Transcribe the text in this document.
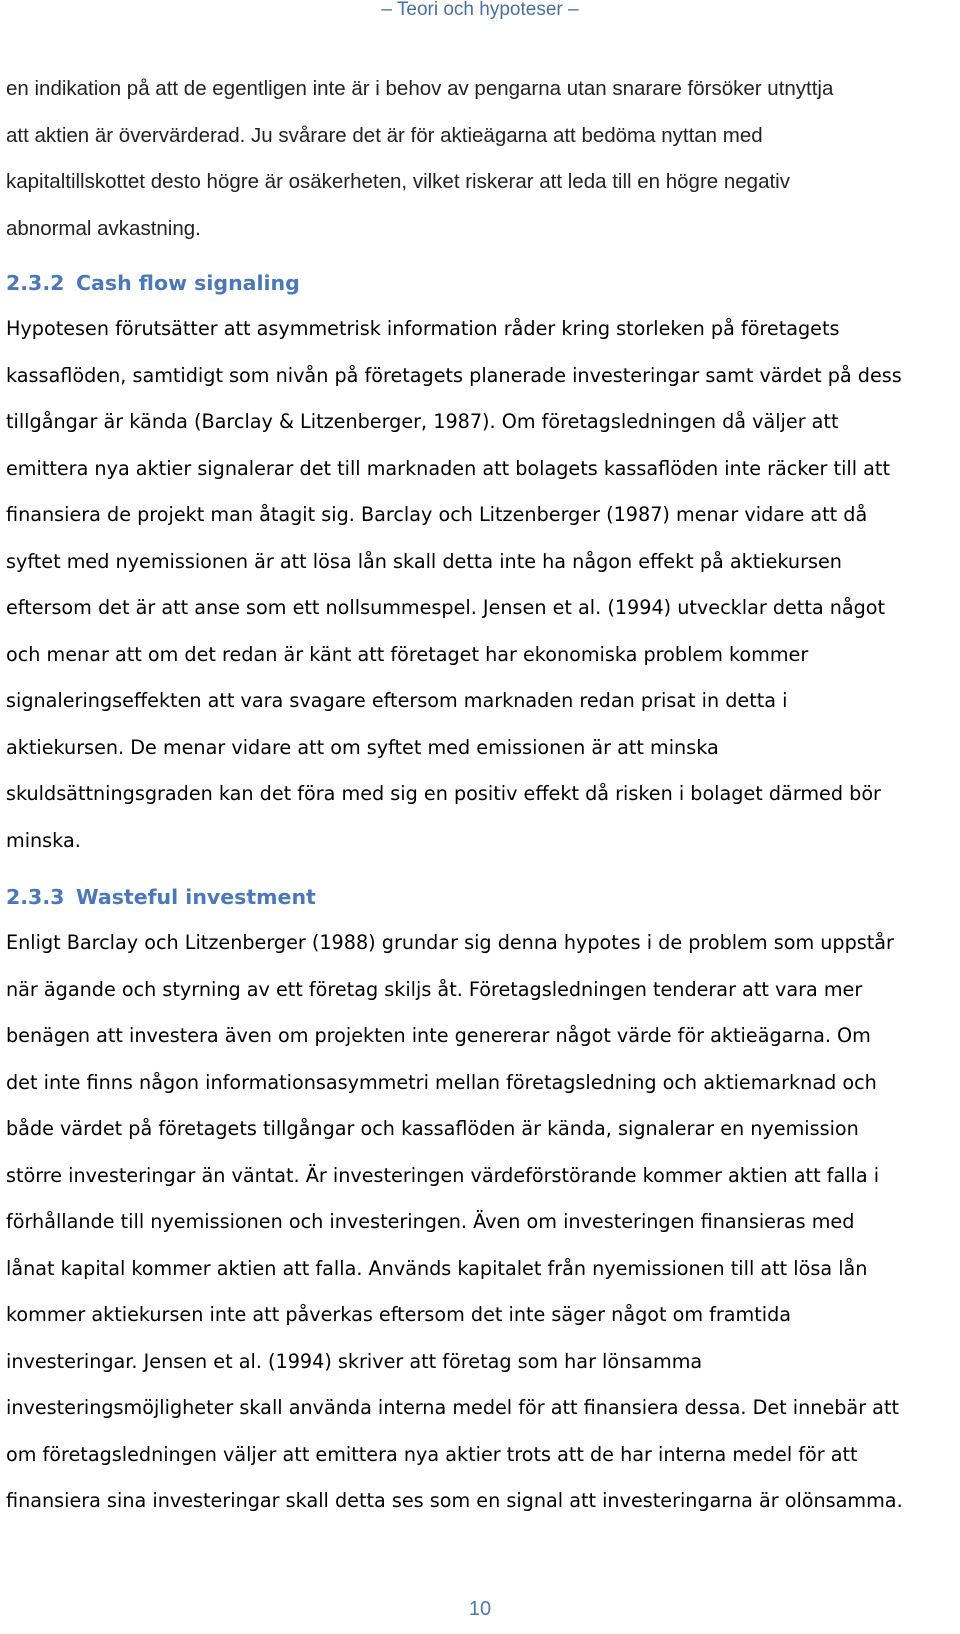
– Teori och hypoteser –

en indikation på att de egentligen inte är i behov av pengarna utan snarare försöker utnyttja
att aktien är övervärderad. Ju svårare det är för aktieägarna att bedöma nyttan med
kapitaltillskottet desto högre är osäkerheten, vilket riskerar att leda till en högre negativ
abnormal avkastning.

2.3.2 Cash flow signaling

Hypotesen förutsätter att asymmetrisk information råder kring storleken på företagets
kassaflöden, samtidigt som nivån på företagets planerade investeringar samt värdet på dess
tillgångar är kända (Barclay & Litzenberger, 1987). Om företagsledningen då väljer att
emittera nya aktier signalerar det till marknaden att bolagets kassaflöden inte räcker till att
finansiera de projekt man åtagit sig. Barclay och Litzenberger (1987) menar vidare att då
syftet med nyemissionen är att lösa lån skall detta inte ha någon effekt på aktiekursen
eftersom det är att anse som ett nollsummespel. Jensen et al. (1994) utvecklar detta något
och menar att om det redan är känt att företaget har ekonomiska problem kommer
signaleringseffekten att vara svagare eftersom marknaden redan prisat in detta i
aktiekursen. De menar vidare att om syftet med emissionen är att minska
skuldsättningsgraden kan det föra med sig en positiv effekt då risken i bolaget därmed bör
minska.

2.3.3 Wasteful investment

Enligt Barclay och Litzenberger (1988) grundar sig denna hypotes i de problem som uppstår
när ägande och styrning av ett företag skiljs åt. Företagsledningen tenderar att vara mer
benägen att investera även om projekten inte genererar något värde för aktieägarna. Om
det inte finns någon informationsasymmetri mellan företagsledning och aktiemarknad och
både värdet på företagets tillgångar och kassaflöden är kända, signalerar en nyemission
större investeringar än väntat. Är investeringen värdeförstörande kommer aktien att falla i
förhållande till nyemissionen och investeringen. Även om investeringen finansieras med
lånat kapital kommer aktien att falla. Används kapitalet från nyemissionen till att lösa lån
kommer aktiekursen inte att påverkas eftersom det inte säger något om framtida
investeringar. Jensen et al. (1994) skriver att företag som har lönsamma
investeringsmöjligheter skall använda interna medel för att finansiera dessa. Det innebär att
om företagsledningen väljer att emittera nya aktier trots att de har interna medel för att
finansiera sina investeringar skall detta ses som en signal att investeringarna är olönsamma.

10
